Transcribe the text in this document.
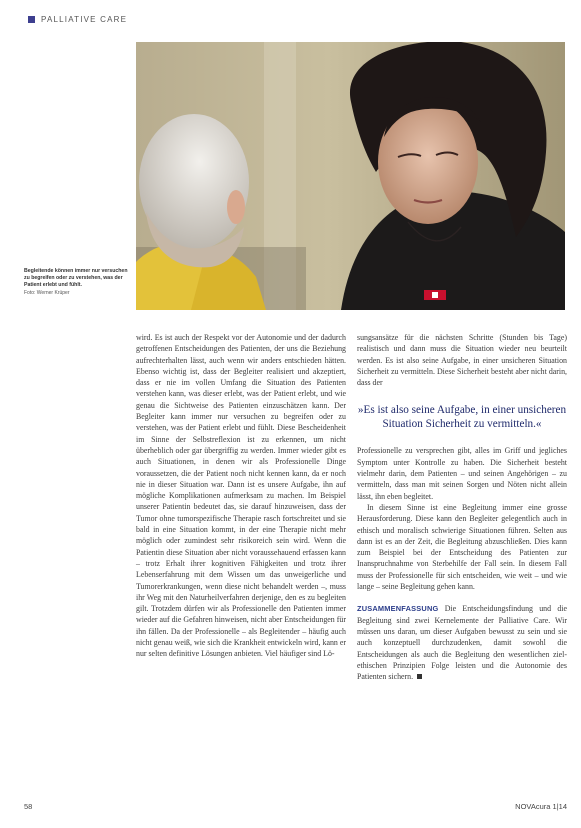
PALLIATIVE CARE
Begleitende können immer nur versuchen zu begreifen oder zu verstehen, was der Patient erlebt und fühlt.
Foto: Werner Krüper

wird. Es ist auch der Respekt vor der Autonomie und der dadurch getroffenen Entscheidungen des Patienten, der uns die Beziehung aufrechterhalten lässt, auch wenn wir anders entschieden hätten. Ebenso wichtig ist, dass der Begleiter realisiert und akzeptiert, dass er nie im vollen Umfang die Situation des Patienten verstehen kann, was dieser erlebt, was der Patient erlebt, und wie genau die Sichtweise des Patienten einzuschätzen kann. Der Begleiter kann immer nur versuchen zu begreifen oder zu verstehen, was der Patient erlebt und fühlt. Diese Bescheidenheit im Sinne der Selbstreflexion ist zu erkennen, um nicht überheblich oder gar übergriffig zu werden. Immer wieder gibt es auch Situationen, in denen wir als Professionelle Dinge voraussetzen, die der Patient noch nicht kennen kann, da er noch nie in dieser Situation war. Dann ist es unsere Aufgabe, ihn auf mögliche Komplikationen aufmerksam zu machen. Im Beispiel unserer Patientin bedeutet das, sie darauf hinzuweisen, dass der Tumor ohne tumorspezifische Therapie rasch fortschreitet und sie bald in eine Situation kommt, in der eine Therapie nicht mehr möglich oder zumindest sehr risikoreich sein wird. Wenn die Patientin diese Situation aber nicht voraussehauend erfassen kann – trotz Erhalt ihrer kognitiven Fähigkeiten und trotz ihrer Lebenserfahrung mit dem Wissen um das unweigerliche und Tumorerkrankungen, wenn diese nicht behandelt werden –, muss ihr Weg mit den Naturheilverfahren derjenige, den es zu begleiten gilt. Trotzdem dürfen wir als Professionelle den Patienten immer wieder auf die Gefahren hinweisen, nicht aber Entscheidungen für ihn fällen. Da der Professionelle – als Begleitender – häufig auch nicht genau weiß, wie sich die Krankheit entwickeln wird, kann er nur selten definitive Lösungen anbieten. Viel häufiger sind Lö-

sungsansätze für die nächsten Schritte (Stunden bis Tage) realistisch und dann muss die Situation wieder neu beurteilt werden. Es ist also seine Aufgabe, in einer unsicheren Situation Sicherheit zu vermitteln. Diese Sicherheit besteht aber nicht darin, dass der

»Es ist also seine Aufgabe, in einer unsicheren Situation Sicherheit zu vermitteln.«

Professionelle zu versprechen gibt, alles im Griff und jegliches Symptom unter Kontrolle zu haben. Die Sicherheit besteht vielmehr darin, dem Patienten – und seinen Angehörigen – zu vermitteln, dass man mit seinen Sorgen und Nöten nicht allein lässt, ihn eben begleitet.

In diesem Sinne ist eine Begleitung immer eine grosse Herausforderung. Diese kann den Begleiter gelegentlich auch in ethisch und moralisch schwierige Situationen führen. Selten aus dann ist es an der Zeit, die Begleitung abzuschließen. Dies kann zum Beispiel bei der Entscheidung des Patienten zur Inanspruchnahme von Sterbehilfe der Fall sein. In diesem Fall muss der Professionelle für sich entscheiden, wie weit – und wie lange – seine Begleitung gehen kann.

ZUSAMMENFASSUNG Die Entscheidungsfindung und die Begleitung sind zwei Kernelemente der Palliative Care. Wir müssen uns daran, um dieser Aufgaben bewusst zu sein und sie auch konzeptuell durchzudenken, damit sowohl die Entscheidungen als auch die Begleitung den wesentlichen ziel-ethischen Prinzipien Folge leisten und die Autonomie des Patienten sichern.

58	NOVAcura 1|14
